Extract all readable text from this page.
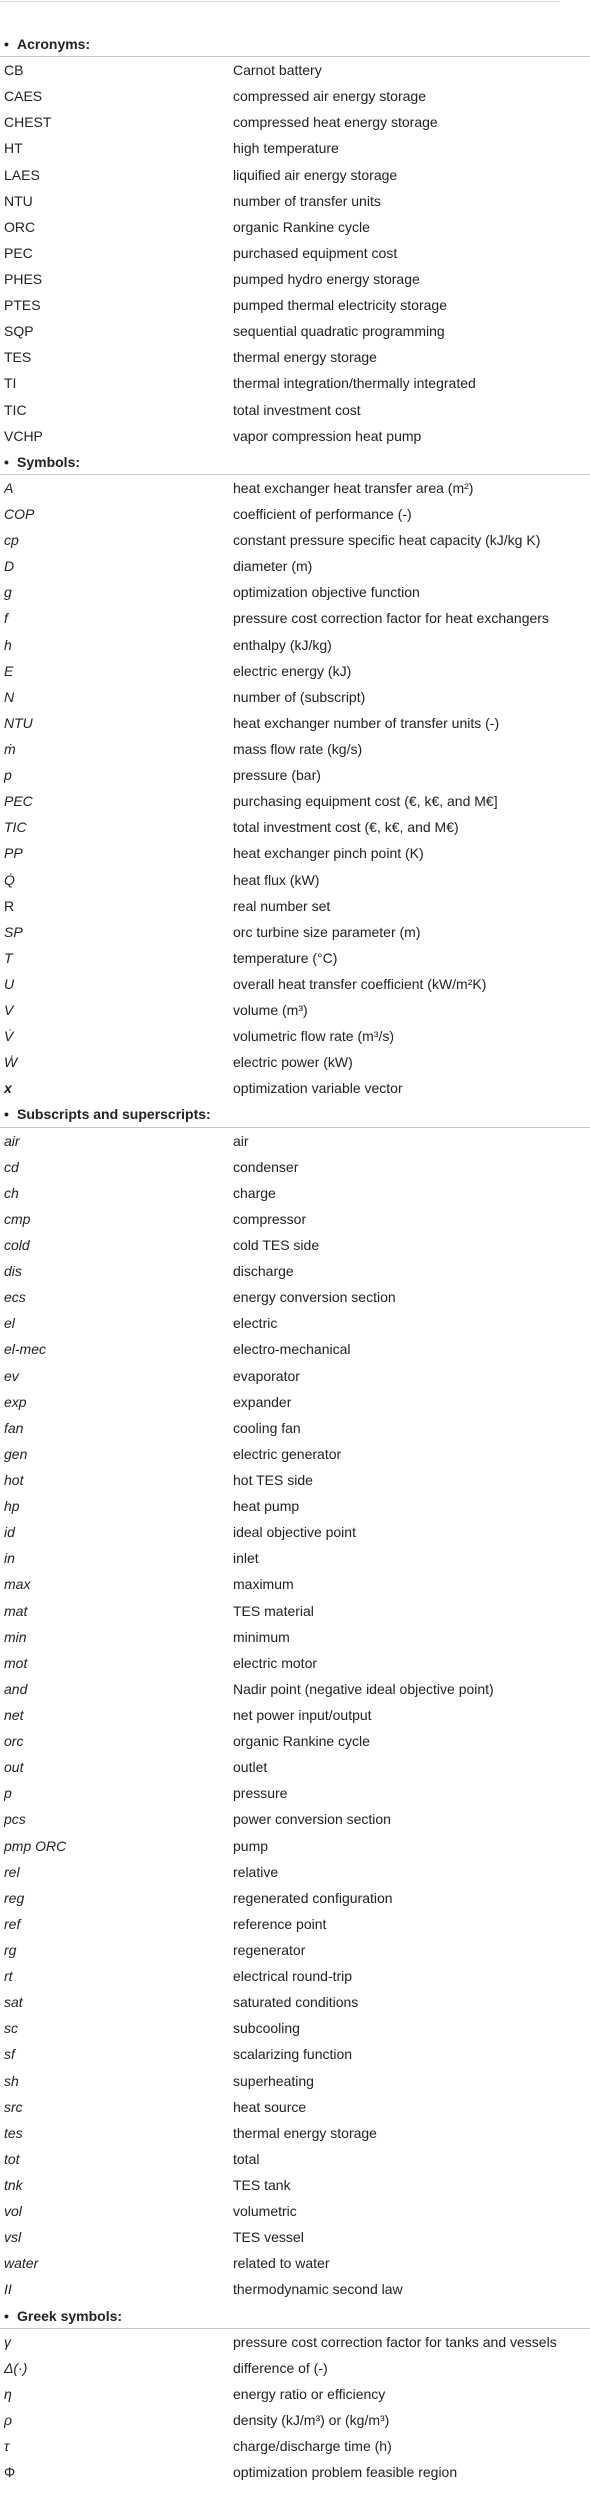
• Acronyms:
CB	Carnot battery
CAES	compressed air energy storage
CHEST	compressed heat energy storage
HT	high temperature
LAES	liquified air energy storage
NTU	number of transfer units
ORC	organic Rankine cycle
PEC	purchased equipment cost
PHES	pumped hydro energy storage
PTES	pumped thermal electricity storage
SQP	sequential quadratic programming
TES	thermal energy storage
TI	thermal integration/thermally integrated
TIC	total investment cost
VCHP	vapor compression heat pump
• Symbols:
A	heat exchanger heat transfer area (m²)
COP	coefficient of performance (-)
cp	constant pressure specific heat capacity (kJ/kg K)
D	diameter (m)
g	optimization objective function
f	pressure cost correction factor for heat exchangers
h	enthalpy (kJ/kg)
E	electric energy (kJ)
N	number of (subscript)
NTU	heat exchanger number of transfer units (-)
ṁ	mass flow rate (kg/s)
p	pressure (bar)
PEC	purchasing equipment cost (€, k€, and M€]
TIC	total investment cost (€, k€, and M€)
PP	heat exchanger pinch point (K)
Q̇	heat flux (kW)
R	real number set
SP	orc turbine size parameter (m)
T	temperature (°C)
U	overall heat transfer coefficient (kW/m²K)
V	volume (m³)
V̇	volumetric flow rate (m³/s)
Ẇ	electric power (kW)
x	optimization variable vector
• Subscripts and superscripts:
air	air
cd	condenser
ch	charge
cmp	compressor
cold	cold TES side
dis	discharge
ecs	energy conversion section
el	electric
el-mec	electro-mechanical
ev	evaporator
exp	expander
fan	cooling fan
gen	electric generator
hot	hot TES side
hp	heat pump
id	ideal objective point
in	inlet
max	maximum
mat	TES material
min	minimum
mot	electric motor
and	Nadir point (negative ideal objective point)
net	net power input/output
orc	organic Rankine cycle
out	outlet
p	pressure
pcs	power conversion section
pmp ORC	pump
rel	relative
reg	regenerated configuration
ref	reference point
rg	regenerator
rt	electrical round-trip
sat	saturated conditions
sc	subcooling
sf	scalarizing function
sh	superheating
src	heat source
tes	thermal energy storage
tot	total
tnk	TES tank
vol	volumetric
vsl	TES vessel
water	related to water
II	thermodynamic second law
• Greek symbols:
γ	pressure cost correction factor for tanks and vessels
Δ(·)	difference of (-)
η	energy ratio or efficiency
ρ	density (kJ/m³) or (kg/m³)
τ	charge/discharge time (h)
Φ	optimization problem feasible region
